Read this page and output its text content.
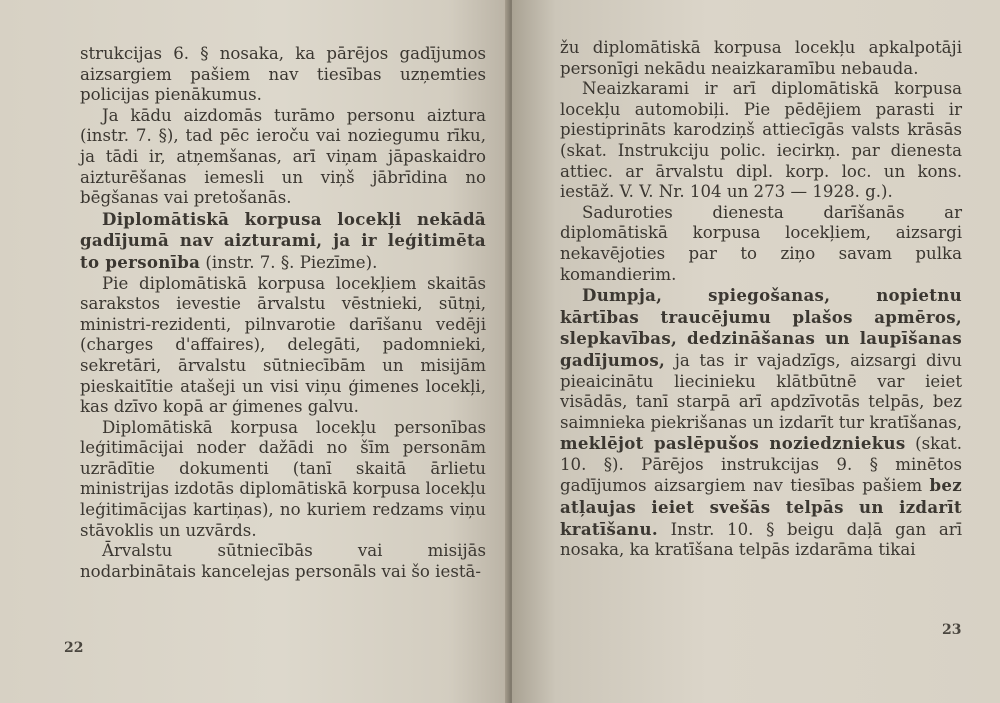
strukcijas 6. § nosaka, ka pārējos gadījumos aizsargiem pašiem nav tiesības uzņemties policijas pienākumus.

Ja kādu aizdomās turāmo personu aiztura (instr. 7. §), tad pēc ieroču vai noziegumu rīku, ja tādi ir, atņemšanas, arī viņam jāpaskaidro aizturēšanas iemesli un viņš jābrīdina no bēgšanas vai pretošanās.

Diplomātiskā korpusa locekļi nekādā gadījumā nav aizturami, ja ir leģitimēta to personība (instr. 7. §. Piezīme).

Pie diplomātiskā korpusa locekļiem skaitās sarakstos ievestie ārvalstu vēstnieki, sūtņi, ministri-rezidenti, pilnvarotie darīšanu vedēji (charges d'affaires), delegāti, padomnieki, sekretāri, ārvalstu sūtniecībām un misijām pieskaitītie atašeji un visi viņu ģimenes locekļi, kas dzīvo kopā ar ģimenes galvu.

Diplomātiskā korpusa locekļu personības leģitimācijai noder dažādi no šīm personām uzrādītie dokumenti (tanī skaitā ārlietu ministrijas izdotās diplomātiskā korpusa locekļu leģitimācijas kartiņas), no kuriem redzams viņu stāvoklis un uzvārds.

Ārvalstu sūtniecībās vai misijās nodarbinātais kancelejas personāls vai šo iestā-

22

žu diplomātiskā korpusa locekļu apkalpotāji personīgi nekādu neaizkaramību nebauda.

Neaizkarami ir arī diplomātiskā korpusa locekļu automobiļi. Pie pēdējiem parasti ir piestiprināts karodziņš attiecīgās valsts krāsās (skat. Instrukciju polic. iecirkņ. par dienesta attiec. ar ārvalstu dipl. korp. loc. un kons. iestāž. V. V. Nr. 104 un 273 — 1928. g.).

Saduroties dienesta darīšanās ar diplomātiskā korpusa locekļiem, aizsargi nekavējoties par to ziņo savam pulka komandierim.

Dumpja, spiegošanas, nopietnu kārtības traucējumu plašos apmēros, slepkavības, dedzināšanas un laupīšanas gadījumos, ja tas ir vajadzīgs, aizsargi divu pieaicinātu liecinieku klātbūtnē var ieiet visādās, tanī starpā arī apdzīvotās telpās, bez saimnieka piekrišanas un izdarīt tur kratīšanas, meklējot paslēpušos noziedzniekus (skat. 10. §). Pārējos instrukcijas 9. § minētos gadījumos aizsargiem nav tiesības pašiem bez atļaujas ieiet svešās telpās un izdarīt kratīšanu. Instr. 10. § beigu daļā gan arī nosaka, ka kratīšana telpās izdarāma tikai

23
